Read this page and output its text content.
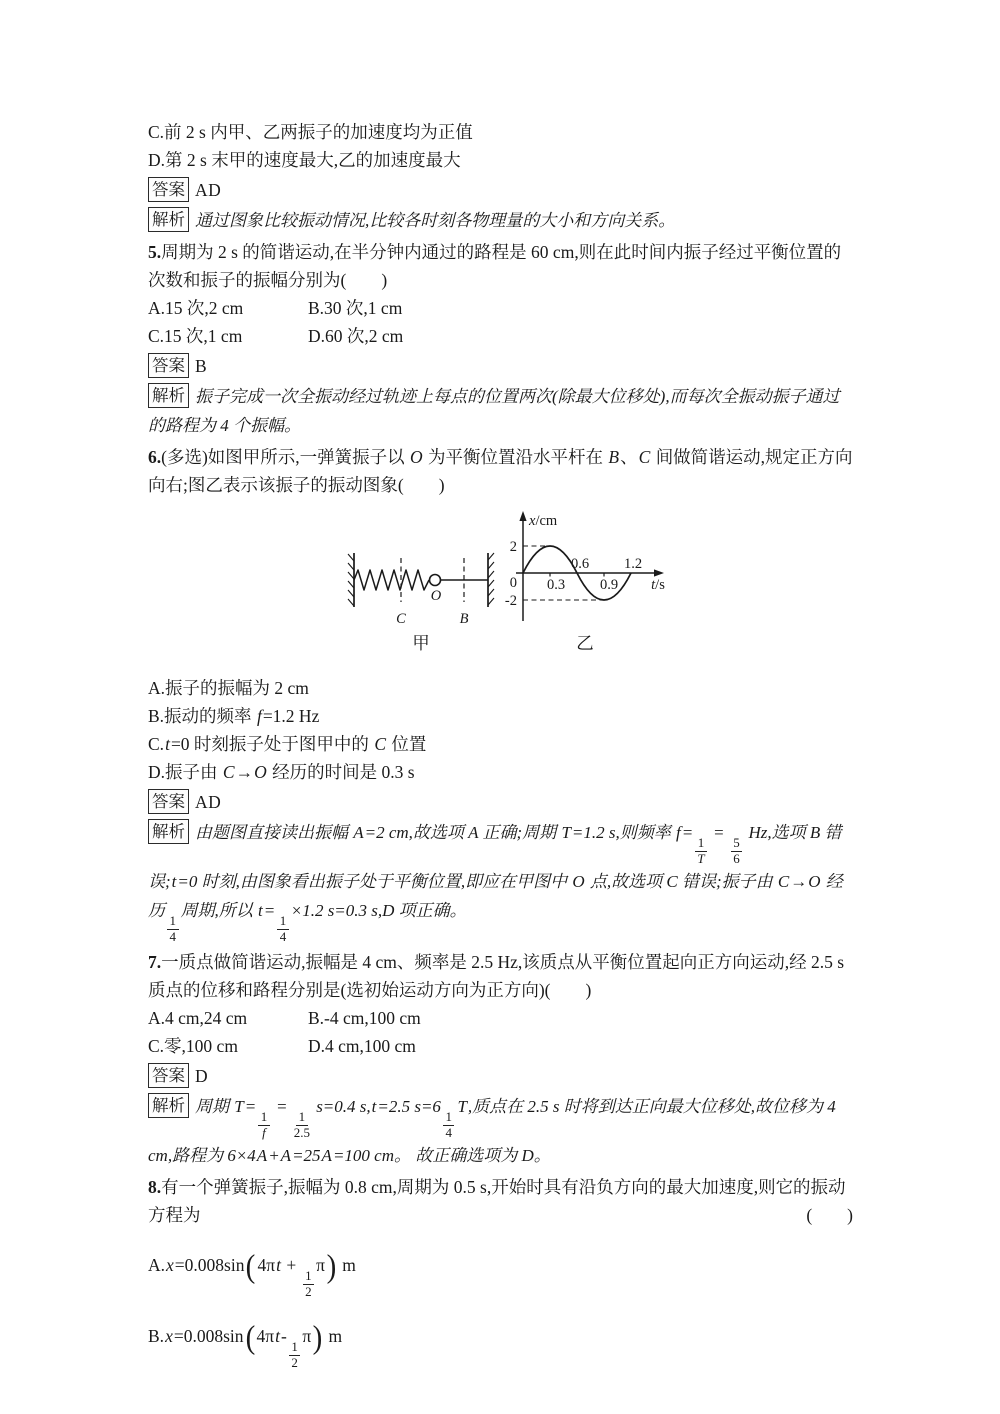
C.前 2 s 内甲、乙两振子的加速度均为正值
D.第 2 s 末甲的速度最大,乙的加速度最大
答案 AD
解析 通过图象比较振动情况,比较各时刻各物理量的大小和方向关系。
5.周期为 2 s 的简谐运动,在半分钟内通过的路程是 60 cm,则在此时间内振子经过平衡位置的次数和振子的振幅分别为(　　)
A.15 次,2 cm	B.30 次,1 cm
C.15 次,1 cm	D.60 次,2 cm
答案 B
解析 振子完成一次全振动经过轨迹上每点的位置两次(除最大位移处),而每次全振动振子通过的路程为 4 个振幅。
6.(多选)如图甲所示,一弹簧振子以 O 为平衡位置沿水平杆在 B、C 间做简谐运动,规定正方向向右;图乙表示该振子的振动图象(　　)
C
O
B
甲
x/cm
t/s
2
0
-2
0.3
0.6
0.9
1.2
乙
A.振子的振幅为 2 cm
B.振动的频率 f=1.2 Hz
C.t=0 时刻振子处于图甲中的 C 位置
D.振子由 C→O 经历的时间是 0.3 s
答案 AD
解析 由题图直接读出振幅 A=2 cm,故选项 A 正确;周期 T=1.2 s,则频率 f=
$\frac{1}{T}$
=
$\frac{5}{6}$
Hz,选项 B 错误;t=0 时刻,由图象看出振子处于平衡位置,即应在甲图中 O 点,故选项 C 错误;振子由 C→O 经历
$\frac{1}{4}$
周期,所以 t=
$\frac{1}{4}$
×1.2 s=0.3 s,D 项正确。
7.一质点做简谐运动,振幅是 4 cm、频率是 2.5 Hz,该质点从平衡位置起向正方向运动,经 2.5 s 质点的位移和路程分别是(选初始运动方向为正方向)(　　)
A.4 cm,24 cm	B.-4 cm,100 cm
C.零,100 cm	D.4 cm,100 cm
答案 D
解析 周期 T=
$\frac{1}{f}$
=
$\frac{1}{2.5}$
s=0.4 s,t=2.5 s=6
$\frac{1}{4}$
T,质点在 2.5 s 时将到达正向最大位移处,故位移为 4 cm,路程为 6×4A+A=25A=100 cm。 故正确选项为 D。
8.有一个弹簧振子,振幅为 0.8 cm,周期为 0.5 s,开始时具有沿负方向的最大加速度,则它的振动方程为	(　　)
A.x=0.008sin(4πt +
$\frac{1}{2}$
π) m
B.x=0.008sin(4πt-
$\frac{1}{2}$
π) m
